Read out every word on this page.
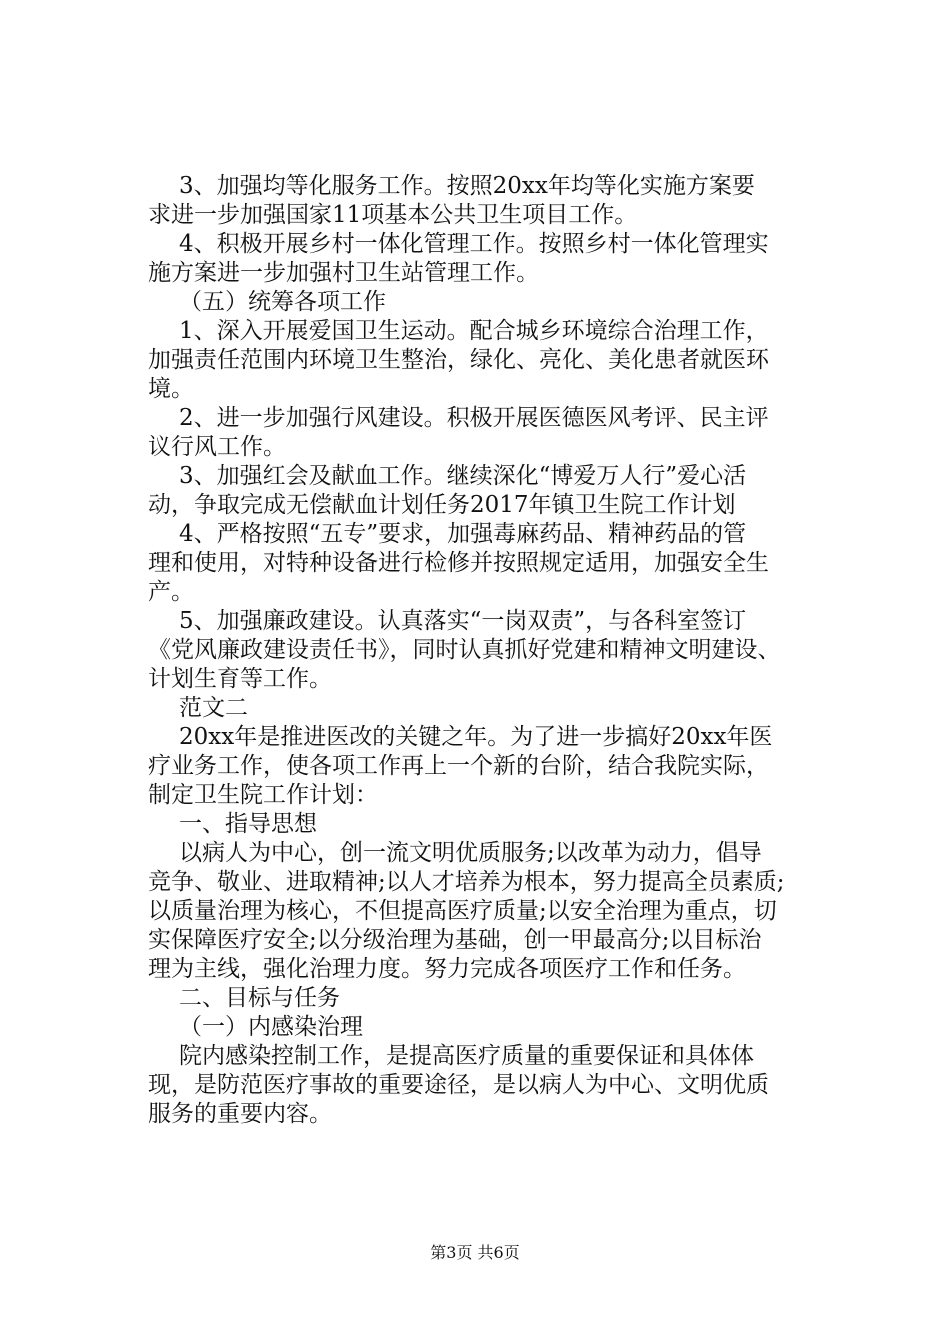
3、加强均等化服务工作。按照20xx年均等化实施方案要
求进一步加强国家11项基本公共卫生项目工作。
4、积极开展乡村一体化管理工作。按照乡村一体化管理实
施方案进一步加强村卫生站管理工作。
（五）统筹各项工作
1、深入开展爱国卫生运动。配合城乡环境综合治理工作，
加强责任范围内环境卫生整治，绿化、亮化、美化患者就医环
境。
2、进一步加强行风建设。积极开展医德医风考评、民主评
议行风工作。
3、加强红会及献血工作。继续深化“博爱万人行”爱心活
动，争取完成无偿献血计划任务2017年镇卫生院工作计划
4、严格按照“五专”要求，加强毒麻药品、精神药品的管
理和使用，对特种设备进行检修并按照规定适用，加强安全生
产。
5、加强廉政建设。认真落实“一岗双责”，与各科室签订
《党风廉政建设责任书》，同时认真抓好党建和精神文明建设、
计划生育等工作。
范文二
20xx年是推进医改的关键之年。为了进一步搞好20xx年医
疗业务工作，使各项工作再上一个新的台阶，结合我院实际，
制定卫生院工作计划：
一、指导思想
以病人为中心，创一流文明优质服务;以改革为动力，倡导
竞争、敬业、进取精神;以人才培养为根本，努力提高全员素质;
以质量治理为核心，不但提高医疗质量;以安全治理为重点，切
实保障医疗安全;以分级治理为基础，创一甲最高分;以目标治
理为主线，强化治理力度。努力完成各项医疗工作和任务。
二、目标与任务
（一）内感染治理
院内感染控制工作，是提高医疗质量的重要保证和具体体
现，是防范医疗事故的重要途径，是以病人为中心、文明优质
服务的重要内容。
第3页 共6页
